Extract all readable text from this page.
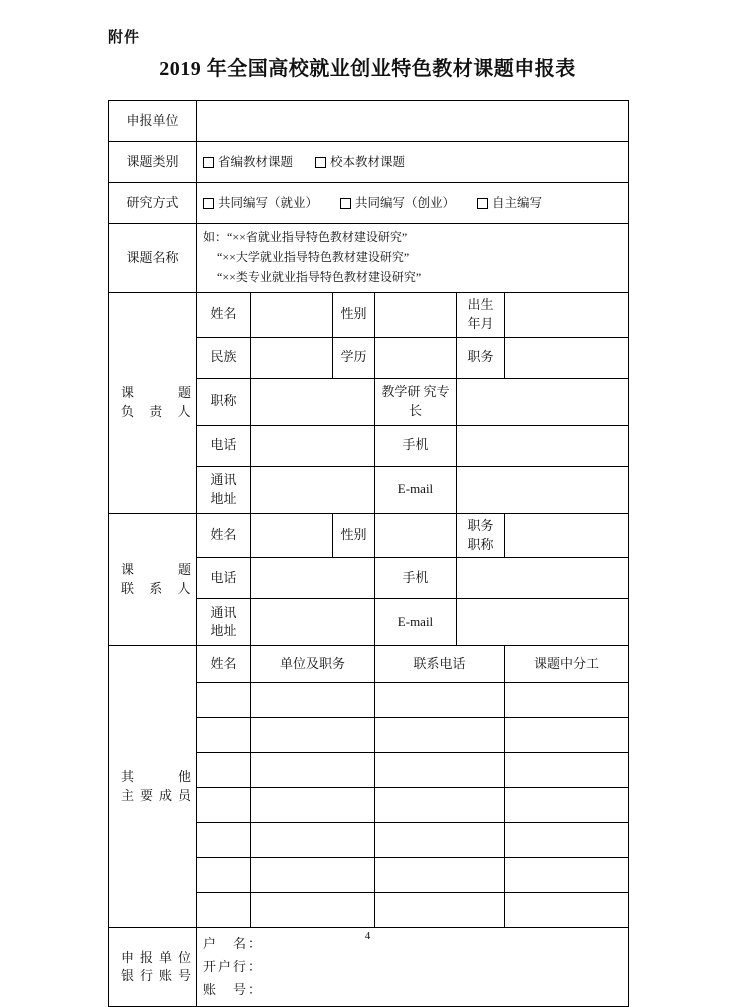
附件
2019 年全国高校就业创业特色教材课题申报表
申报单位						
课题类别	省编教材课题 校本教材课题					

研究方式	共同编写（就业） 共同编写（创业） 自主编写					

课题名称	如：“××省就业指导特色教材建设研究”
“××大学就业指导特色教材建设研究”
“××类专业就业指导特色教材建设研究”					

课　　题
负 责 人	姓名		性别		出生 年月	
	民族		学历		职务	
	职称			教学研 究专长		
	电话			手机		
	通讯 地址			E-mail		

课　　题
联 系 人	姓名		性别		职务 职称	
	电话			手机		
	通讯 地址			E-mail		

其　　他
主要成员	姓名	单位及职务		联系电话		课题中分工

申报单位
银行账号	户　名：
开户行：
账　号：					
4
